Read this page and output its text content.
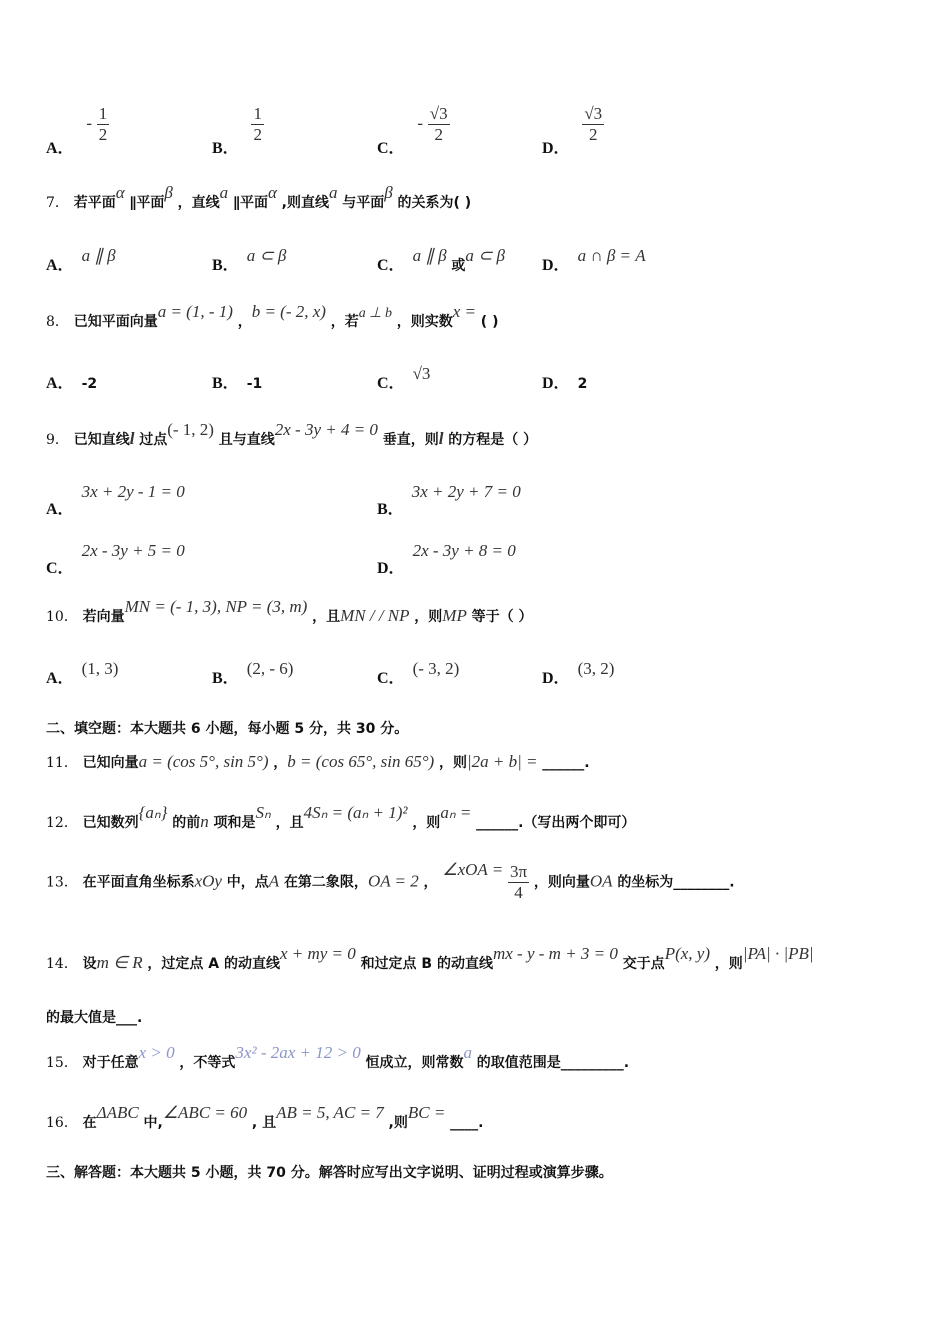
A． - $\frac{1}{2}$
B．
$\frac{1}{2}$
C． - $\frac{√3}{2}$
D．
$\frac{√3}{2}$
7． 若平面α ∥平面β ，直线a ∥平面α ,则直线a 与平面β 的关系为( )
A．a ∥ β
B．a ⊂ β
C．a ∥ β 或a ⊂ β
D．a ∩ β = A
8． 已知平面向量a = (1, - 1) ，b = (- 2, x) ，若a ⊥ b ，则实数x = ( )
A． -2	B． -1	C．√3
D． 2
9． 已知直线l 过点(- 1, 2) 且与直线2x - 3y + 4 = 0 垂直，则l 的方程是（ ）
A．3x + 2y - 1 = 0
B．3x + 2y + 7 = 0
C．2x - 3y + 5 = 0
D．2x - 3y + 8 = 0
10． 若向量MN = (- 1, 3), NP = (3, m) ，且MN / / NP ，则MP 等于（ ）
A．(1, 3)
B．(2, - 6)
C．(- 3, 2)
D．(3, 2)
二、填空题：本大题共 6 小题，每小题 5 分，共 30 分。
11． 已知向量a = (cos 5°, sin 5°) ，b = (cos 65°, sin 65°) ，则|2a + b| = ______.
12． 已知数列{aₙ} 的前n 项和是Sₙ ，且4Sₙ = (aₙ + 1)² ，则aₙ = ______.（写出两个即可）
13． 在平面直角坐标系xOy 中，点A 在第二象限，OA = 2 ， ∠xOA = $\frac{3\pi}{4}$ ，则向量OA 的坐标为________.
14． 设m ∈ R ，过定点 A 的动直线x + my = 0 和过定点 B 的动直线mx - y - m + 3 = 0 交于点P(x, y) ，则|PA| · |PB|
的最大值是___.
15． 对于任意x > 0 ，不等式3x² - 2ax + 12 > 0 恒成立，则常数a 的取值范围是_________.
16． 在ΔABC 中,∠ABC = 60 , 且AB = 5, AC = 7 ,则BC = ____.
三、解答题：本大题共 5 小题，共 70 分。解答时应写出文字说明、证明过程或演算步骤。
